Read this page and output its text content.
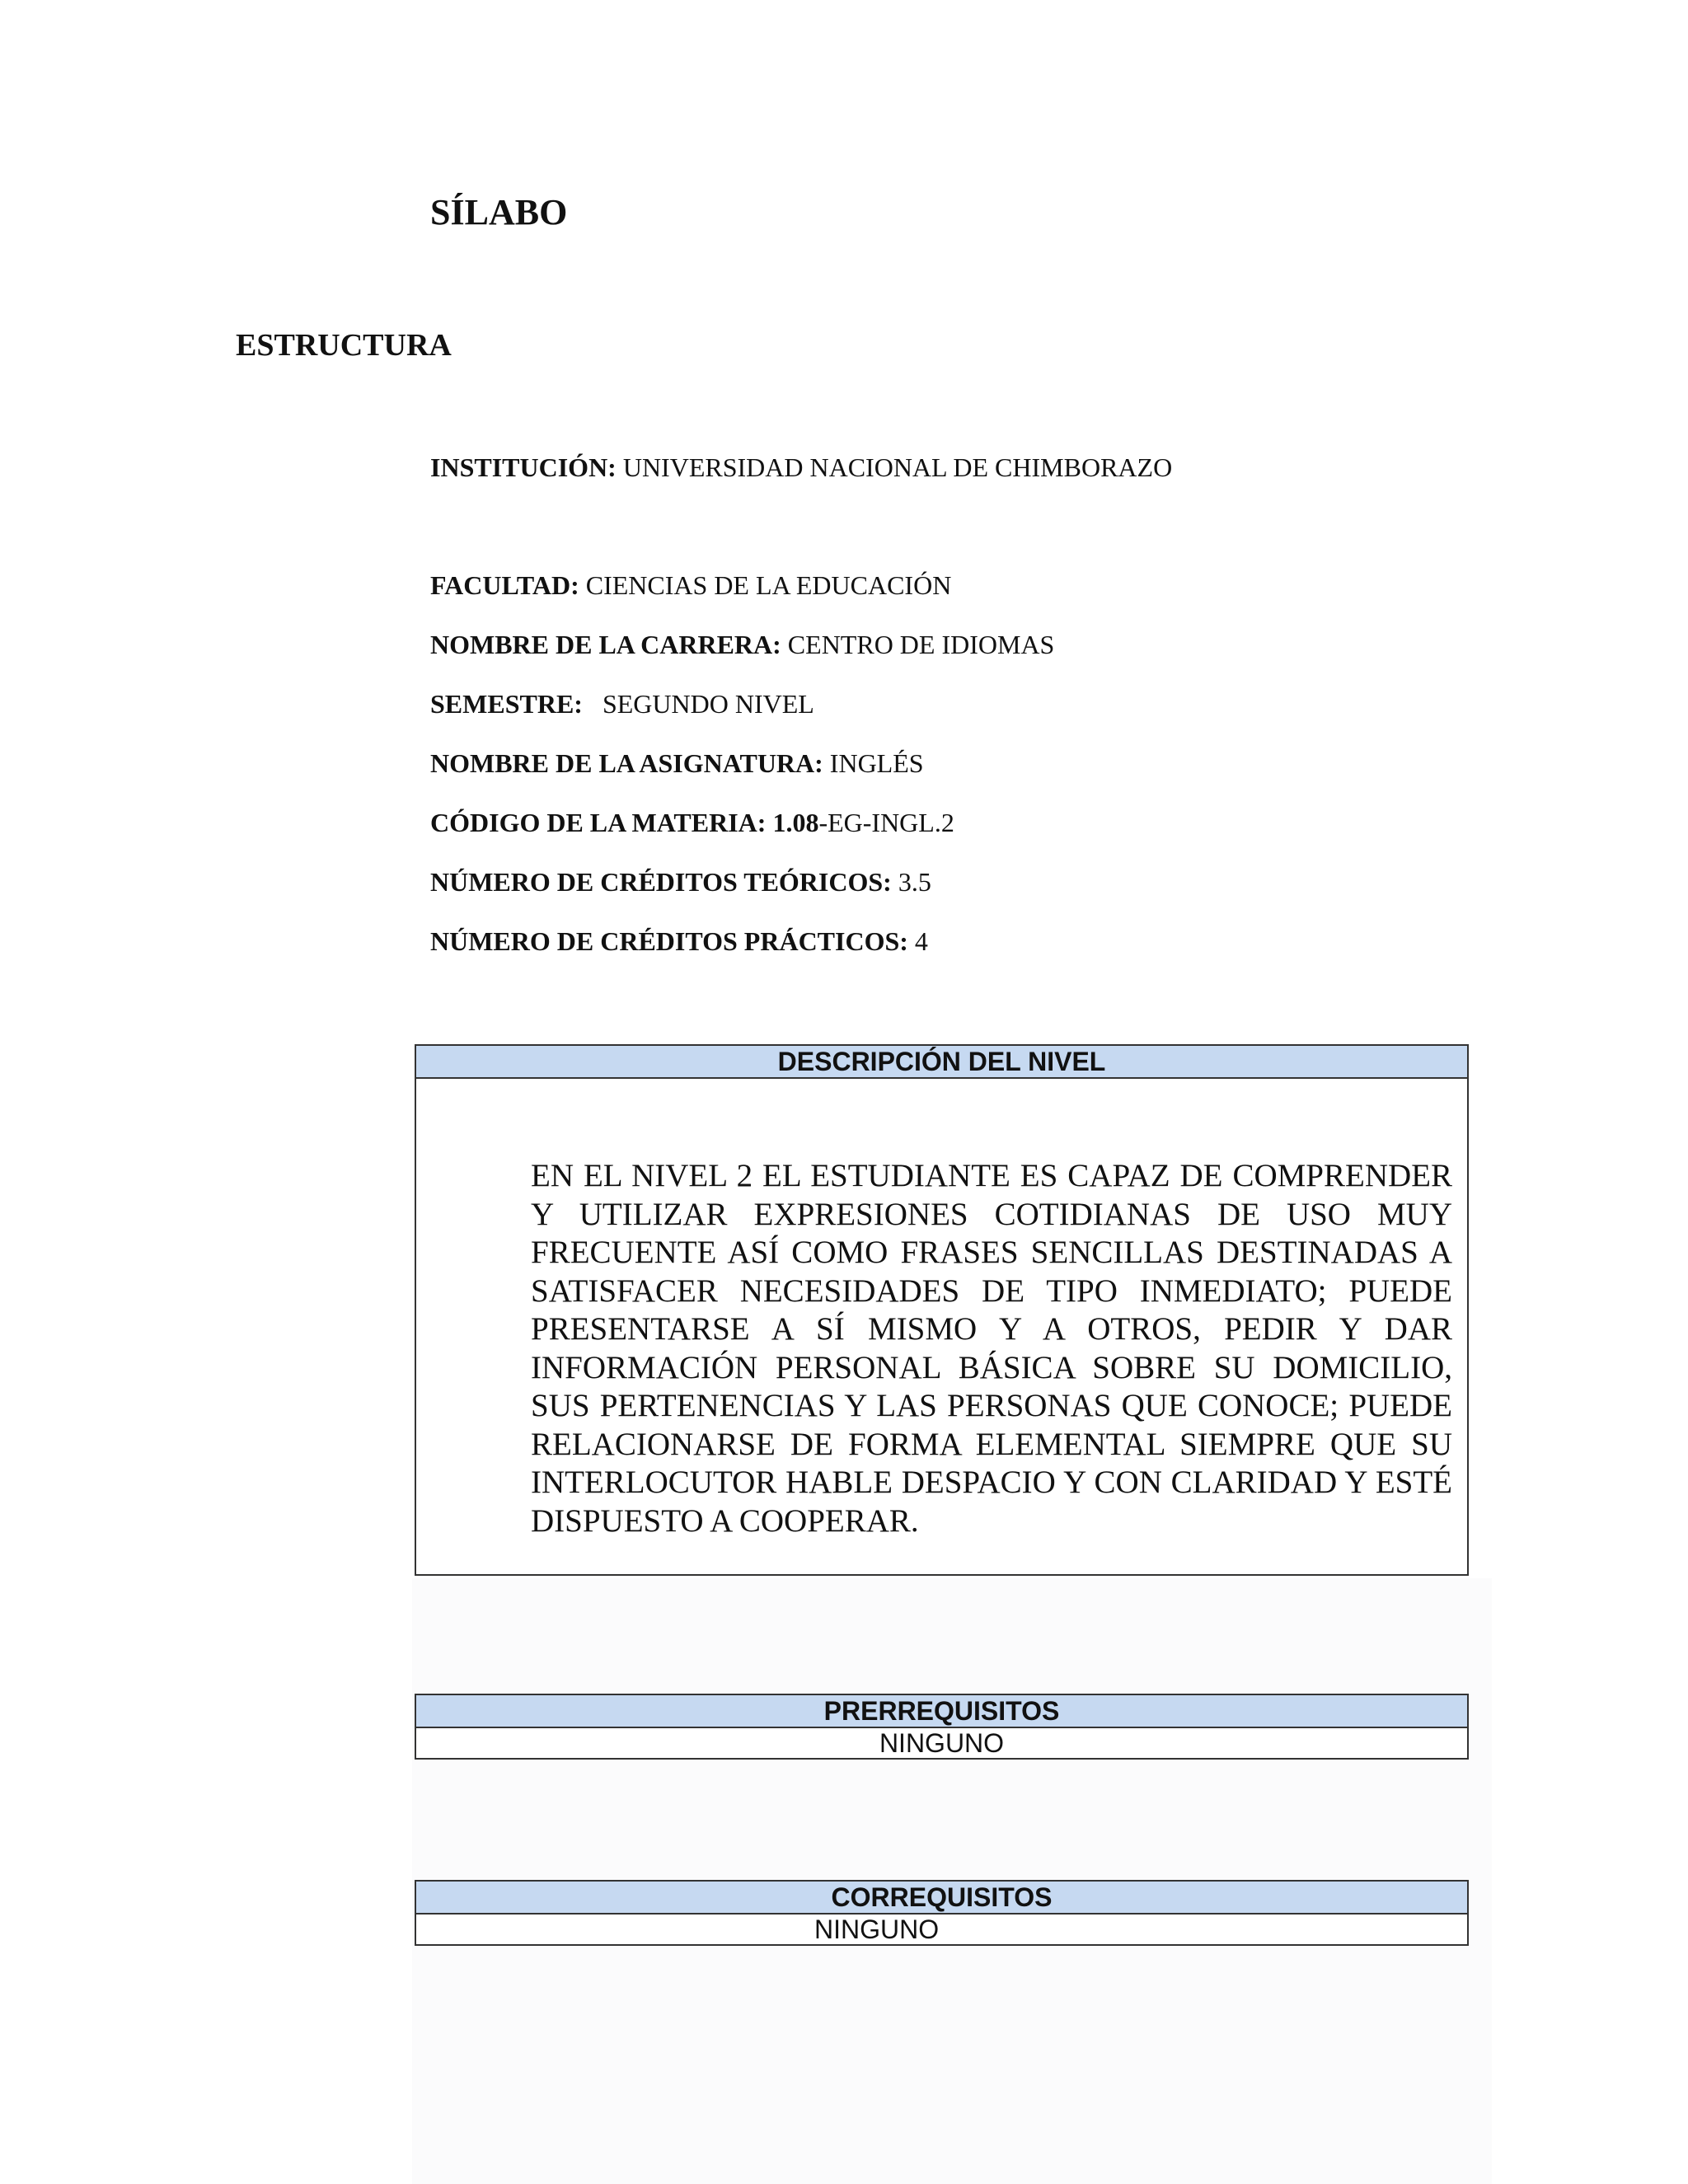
SÍLABO
ESTRUCTURA
INSTITUCIÓN: UNIVERSIDAD NACIONAL DE CHIMBORAZO
FACULTAD: CIENCIAS DE LA EDUCACIÓN
NOMBRE DE LA CARRERA: CENTRO DE IDIOMAS
SEMESTRE:   SEGUNDO NIVEL
NOMBRE DE LA ASIGNATURA: INGLÉS
CÓDIGO DE LA MATERIA: 1.08-EG-INGL.2
NÚMERO DE CRÉDITOS TEÓRICOS: 3.5
NÚMERO DE CRÉDITOS PRÁCTICOS: 4
DESCRIPCIÓN DEL NIVEL
EN EL NIVEL 2 EL ESTUDIANTE ES CAPAZ DE COMPRENDER Y UTILIZAR EXPRESIONES COTIDIANAS DE USO MUY FRECUENTE ASÍ COMO FRASES SENCILLAS DESTINADAS A SATISFACER NECESIDADES DE TIPO INMEDIATO; PUEDE PRESENTARSE A SÍ MISMO Y A OTROS, PEDIR Y DAR INFORMACIÓN PERSONAL BÁSICA SOBRE SU DOMICILIO, SUS PERTENENCIAS Y LAS PERSONAS QUE CONOCE; PUEDE RELACIONARSE DE FORMA ELEMENTAL SIEMPRE QUE SU INTERLOCUTOR HABLE DESPACIO Y CON CLARIDAD Y ESTÉ DISPUESTO A COOPERAR.
PRERREQUISITOS
NINGUNO
CORREQUISITOS
NINGUNO
